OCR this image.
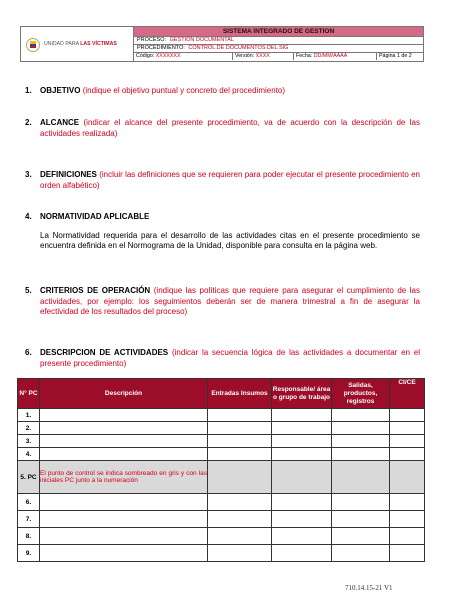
UNIDAD PARA LAS VÍCTIMAS
SISTEMA INTEGRADO DE GESTION
PROCESO: GESTIÓN DOCUMENTAL
PROCEDIMIENTO: CONTROL DE DOCUMENTOS DEL SIG
Código: XXXXXXX	Versión: XXXX	Fecha: DD/MM/AAAA	Página 1 de 2
1. OBJETIVO (indique el objetivo puntual y concreto del procedimiento)
2. ALCANCE (indicar el alcance del presente procedimiento, va de acuerdo con la descripción de las actividades realizada)
3. DEFINICIONES (incluir las definiciones que se requieren para poder ejecutar el presente procedimiento en orden alfabético)
4. NORMATIVIDAD APLICABLE
La Normatividad requerida para el desarrollo de las actividades citas en el presente procedimiento se encuentra definida en el Normograma de la Unidad, disponible para consulta en la página web.
5. CRITERIOS DE OPERACIÓN (indique las políticas que requiere para asegurar el cumplimiento de las actividades, por ejemplo: los seguimientos deberán ser de manera trimestral a fin de asegurar la efectividad de los resultados del proceso)
6. DESCRIPCION DE ACTIVIDADES (indicar la secuencia lógica de las actividades a documentar en el presente procedimiento)
N° PC	Descripción	Entradas Insumos	Responsable/ área o grupo de trabajo	Salidas, productos, registros	CI/CE
1.					
2.					
3.					
4.					
5. PC	El punto de control se indica sombreado en gris y con las iniciales PC junto a la numeración				
6.					
7.					
8.					
9.					
710.14.15-21 V1
